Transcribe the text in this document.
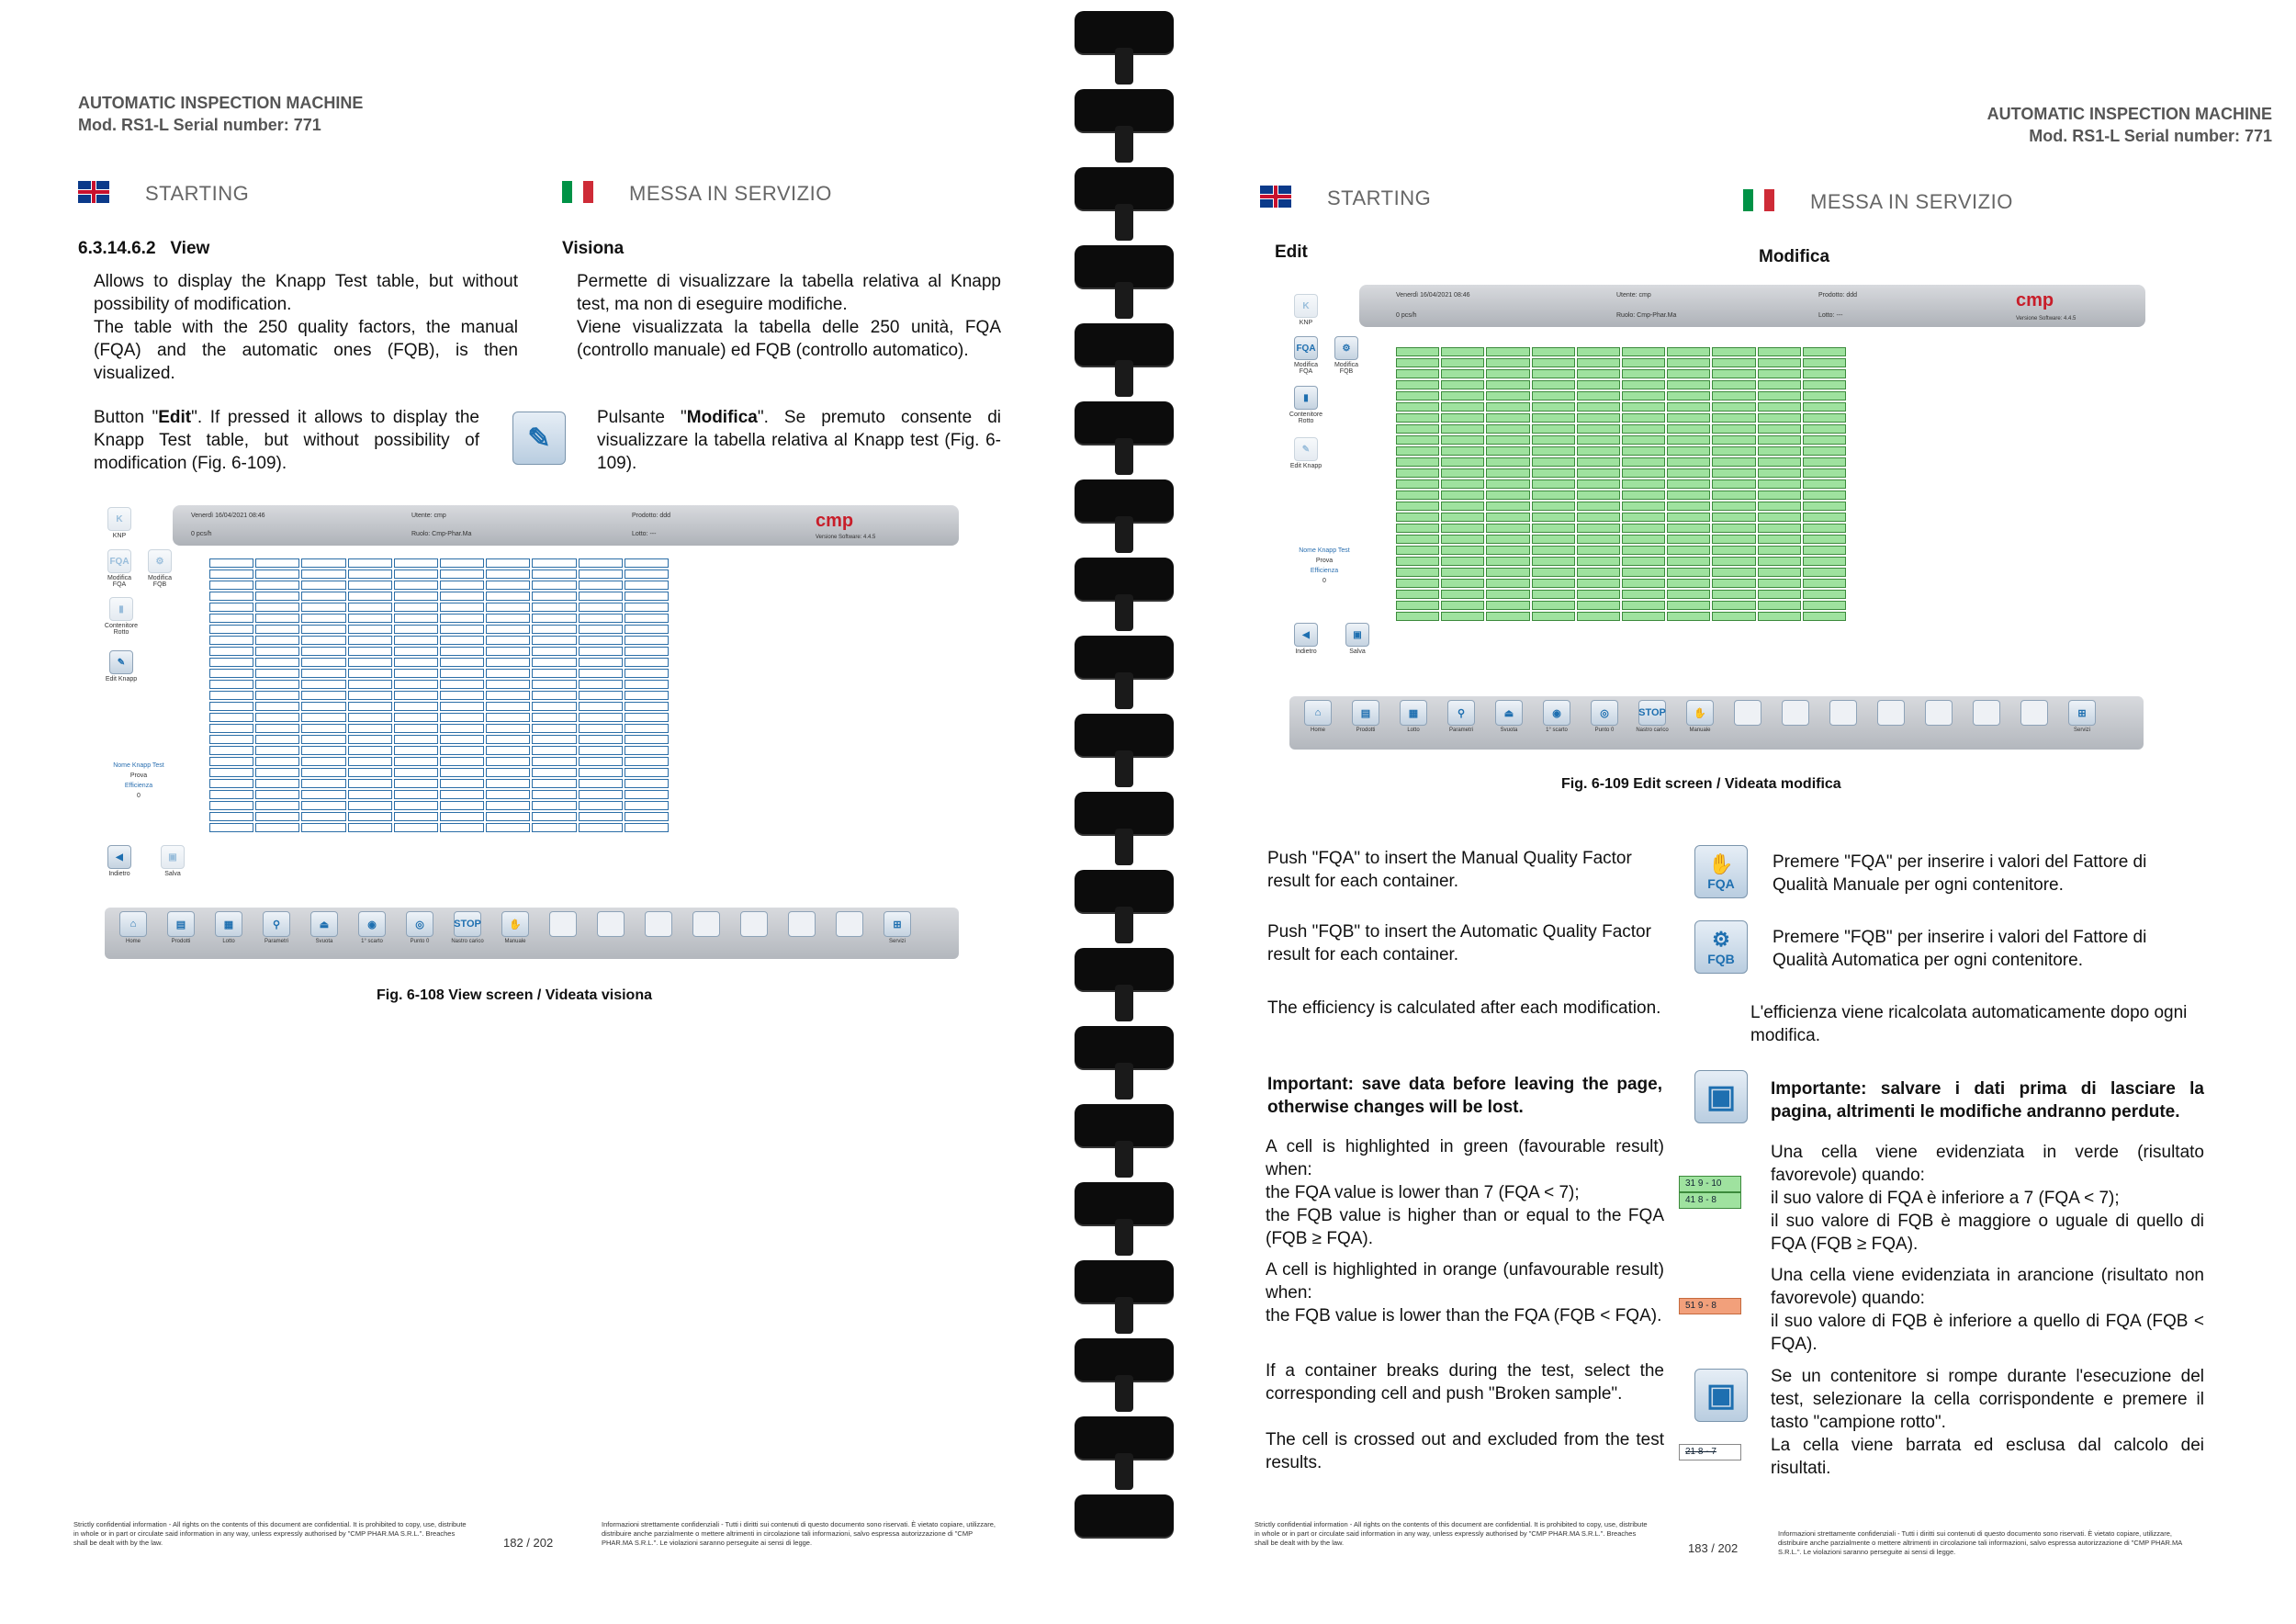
AUTOMATIC INSPECTION MACHINE
Mod. RS1-L Serial number: 771
STARTING	MESSA IN SERVIZIO
6.3.14.6.2   View	Visiona
Allows to display the Knapp Test table, but without possibility of modification.
The table with the 250 quality factors, the manual (FQA) and the automatic ones (FQB), is then visualized.
Permette di visualizzare la tabella relativa al Knapp test, ma non di eseguire modifiche.
Viene visualizzata la tabella delle 250 unità, FQA (controllo manuale) ed FQB (controllo automatico).
Button "Edit". If pressed it allows to display the Knapp Test table, but without possibility of modification (Fig. 6-109).
✎
Pulsante "Modifica". Se premuto consente di visualizzare la tabella relativa al Knapp test (Fig. 6-109).
Venerdì 16/04/2021 08:46
0 pcs/h
Utente: cmp
Ruolo: Cmp-Phar.Ma
Prodotto: ddd
Lotto: ---
cmp
Versione Software: 4.4.5
K
KNP
FQA
Modifica FQA
⚙
Modifica FQB
▮
Contenitore Rotto
✎
Edit Knapp
Nome Knapp Test
Prova
Efficienza
0
◀
Indietro
▣
Salva
⌂
Home
▤
Prodotti
▦
Lotto
⚲
Parametri
⏏
Svuota
◉
1° scarto
◎
Punto 0
STOP
Nastro carico
✋
Manuale
⊞
Servizi
Fig. 6-108 View screen / Videata visiona
Strictly confidential information - All rights on the contents of this document are confidential. It is prohibited to copy, use, distribute in whole or in part or circulate said information in any way, unless expressly authorised by "CMP PHAR.MA S.R.L.". Breaches shall be dealt with by the law.	182 / 202
Informazioni strettamente confidenziali - Tutti i diritti sui contenuti di questo documento sono riservati. È vietato copiare, utilizzare, distribuire anche parzialmente o mettere altrimenti in circolazione tali informazioni, salvo espressa autorizzazione di "CMP PHAR.MA S.R.L.". Le violazioni saranno perseguite ai sensi di legge.
AUTOMATIC INSPECTION MACHINE
Mod. RS1-L Serial number: 771
STARTING	MESSA IN SERVIZIO
Edit	Modifica
Venerdì 16/04/2021 08:46
0 pcs/h
Utente: cmp
Ruolo: Cmp-Phar.Ma
Prodotto: ddd
Lotto: ---
cmp
Versione Software: 4.4.5
K
KNP
FQA
Modifica FQA
⚙
Modifica FQB
▮
Contenitore Rotto
✎
Edit Knapp
Nome Knapp Test
Prova
Efficienza
0
◀
Indietro
▣
Salva
⌂
Home
▤
Prodotti
▦
Lotto
⚲
Parametri
⏏
Svuota
◉
1° scarto
◎
Punto 0
STOP
Nastro carico
✋
Manuale
⊞
Servizi
Fig. 6-109 Edit screen / Videata modifica
Push "FQA" to insert the Manual Quality Factor result for each container.
✋
FQA
Premere "FQA" per inserire i valori del Fattore di Qualità Manuale per ogni contenitore.
Push "FQB" to insert the Automatic Quality Factor result for each container.
⚙
FQB
Premere "FQB" per inserire i valori del Fattore di Qualità Automatica per ogni contenitore.
The efficiency is calculated after each modification.	L'efficienza viene ricalcolata automaticamente dopo ogni modifica.
Important: save data before leaving the page, otherwise changes will be lost.	▣	Importante: salvare i dati prima di lasciare la pagina, altrimenti le modifiche andranno perdute.
A cell is highlighted in green (favourable result) when:
the FQA value is lower than 7 (FQA < 7);
the FQB value is higher than or equal to the FQA (FQB ≥ FQA).
31 9 - 10
41 8 - 8
Una cella viene evidenziata in verde (risultato favorevole) quando:
il suo valore di FQA è inferiore a 7 (FQA < 7);
il suo valore di FQB è maggiore o uguale di quello di FQA (FQB ≥ FQA).
A cell is highlighted in orange (unfavourable result) when:
the FQB value is lower than the FQA (FQB < FQA).
51 9 - 8
Una cella viene evidenziata in arancione (risultato non favorevole) quando:
il suo valore di FQB è inferiore a quello di FQA (FQB < FQA).
If a container breaks during the test, select the corresponding cell and push "Broken sample".

The cell is crossed out and excluded from the test results.
▣
21 8 - 7
Se un contenitore si rompe durante l'esecuzione del test, selezionare la cella corrispondente e premere il tasto "campione rotto".
La cella viene barrata ed esclusa dal calcolo dei risultati.
Strictly confidential information - All rights on the contents of this document are confidential. It is prohibited to copy, use, distribute in whole or in part or circulate said information in any way, unless expressly authorised by "CMP PHAR.MA S.R.L.". Breaches shall be dealt with by the law.	183 / 202
Informazioni strettamente confidenziali - Tutti i diritti sui contenuti di questo documento sono riservati. È vietato copiare, utilizzare, distribuire anche parzialmente o mettere altrimenti in circolazione tali informazioni, salvo espressa autorizzazione di "CMP PHAR.MA S.R.L.". Le violazioni saranno perseguite ai sensi di legge.
